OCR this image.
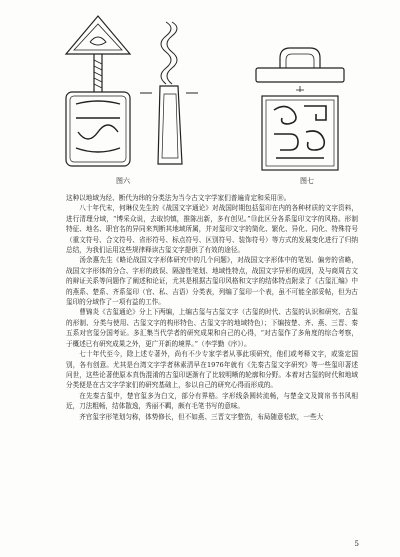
图六	图七

这种以地域为经、断代为纬的分类法为当今古文字学家们普遍肯定和采用⑩。

八十年代末，何琳仪先生的《战国文字通论》对战国时期包括玺印在内的各种材质的文字资料，进行清理分域，“博采众说，去取钧慎，推陈出新，多有创见。”⑬此区分各系玺印文字的风格。形制特征、地名、职官名的异同来判断其地域所属，并对玺印文字的简化、繁化、异化、同化、特殊符号（重文符号、合文符号、省形符号、标点符号、区别符号、装饰符号）等方式的发展变化进行了归纳总结，为我们运用这些规律释读古玺文字提供了有效的途径。

汤余惠先生《略论战国文字形体研究中的几个问题》，对战国文字形体中的笔划、偏旁的省略，战国文字形体的分合、字形的歧误、隔游性笔划、地域性特点，战国文字异形的成因，及与商周古文的辩证关系等问题作了阐述和论证，尤其是根据古玺印风格和文字的结体特点附录了《古玺汇编》中的燕系、楚系、齐系玺印（官、私、吉语）分类表，列编了玺印一个表，虽不可能全部妥帖，但为古玺印的分域作了一项有益的工作。

曹锦炎《古玺通论》分上下两编，上编古玺与古玺文字（古玺的时代、古玺的认识和研究、古玺的形制、分类与使用、古玺文字的构形特色、古玺文字的地域特色）；下编按楚、齐、燕、三晋、秦五系对官玺分国考证。多汇集当代学者的研究成果和自己的心得，“对古玺作了多角度的综合考察，于概述已有研究成果之外，更广开新的境界。”（李学勤《序》）。

七十年代至今，除上述专著外，尚有不少专家学者从事此项研究，他们或考释文字，或鉴定国别，各有创意。尤其是台湾文字学者林素清早在1976年就有《先秦古玺文字研究》等一些玺印著述问世，这些论著使原本真伪混淆的古玺印逐渐有了比较明晰的轮廓和分野。本着对古玺的时代和地域分类便是在古文字学家们的研究基础上，参以自己的研究心得而形成的。

在先秦古玺中，楚官玺多为白文，部分有界格。字形线条圆转流畅，与楚金文及简帛书书风相近，刀法粗畅，结体散逸，秀丽不羁，颇有毛笔书写的意味。

齐官玺字形笔划匀称，体势修长，但不如燕、三晋文字整饬，布局随意松软，一些大

5
